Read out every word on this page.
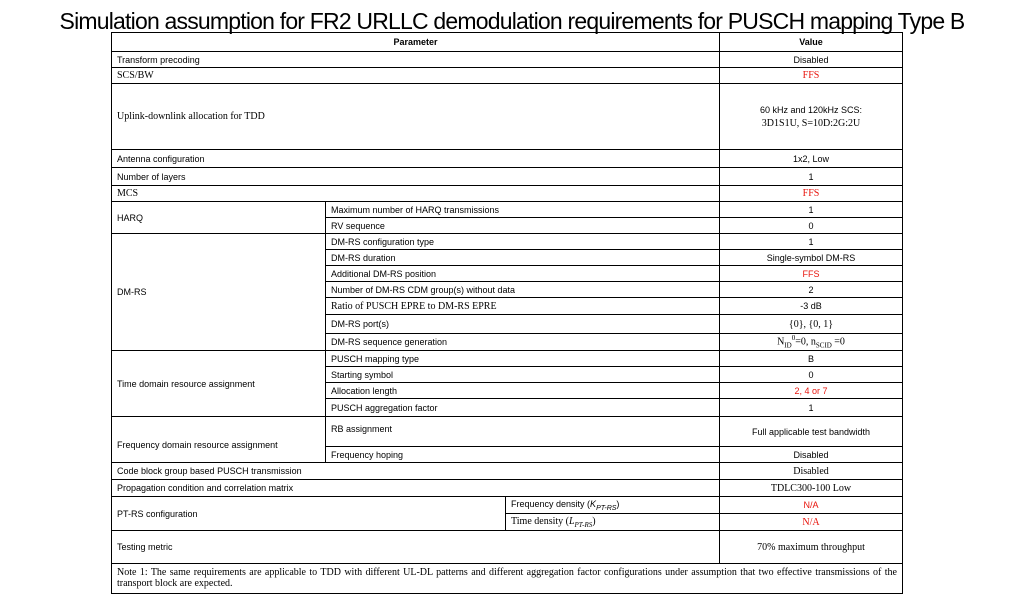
Simulation assumption for FR2 URLLC demodulation requirements for PUSCH mapping Type B
Parameter			Value
Transform precoding			Disabled
SCS/BW			FFS
Uplink-downlink allocation for TDD			60 kHz and 120kHz SCS:
3D1S1U, S=10D:2G:2U

Antenna configuration			1x2, Low
Number of layers			1
MCS			FFS
HARQ	Maximum number of HARQ transmissions		1
	RV sequence		0
DM-RS	DM-RS configuration type		1
	DM-RS duration		Single-symbol DM-RS
	Additional DM-RS position		FFS
	Number of DM-RS CDM group(s) without data		2
	Ratio of PUSCH EPRE to DM-RS EPRE		-3 dB
	DM-RS port(s)		{0}, {0, 1}
	DM-RS sequence generation		$N_{ID}^0=0$, $n_{SCID} =0$
Time domain resource assignment	PUSCH mapping type		B
	Starting symbol		0
	Allocation length		2, 4 or 7
	PUSCH aggregation factor		1
Frequency domain resource assignment	RB assignment		Full applicable test bandwidth
	Frequency hoping		Disabled
Code block group based PUSCH transmission			Disabled
Propagation condition and correlation matrix			TDLC300-100 Low
PT-RS configuration		Frequency density $(K_{PT-RS})$	N/A
		Time density $(L_{PT-RS})$	N/A
Testing metric			70% maximum throughput
Note 1: The same requirements are applicable to TDD with different UL-DL patterns and different aggregation factor configurations under assumption that two effective transmissions of the transport block are expected.			
